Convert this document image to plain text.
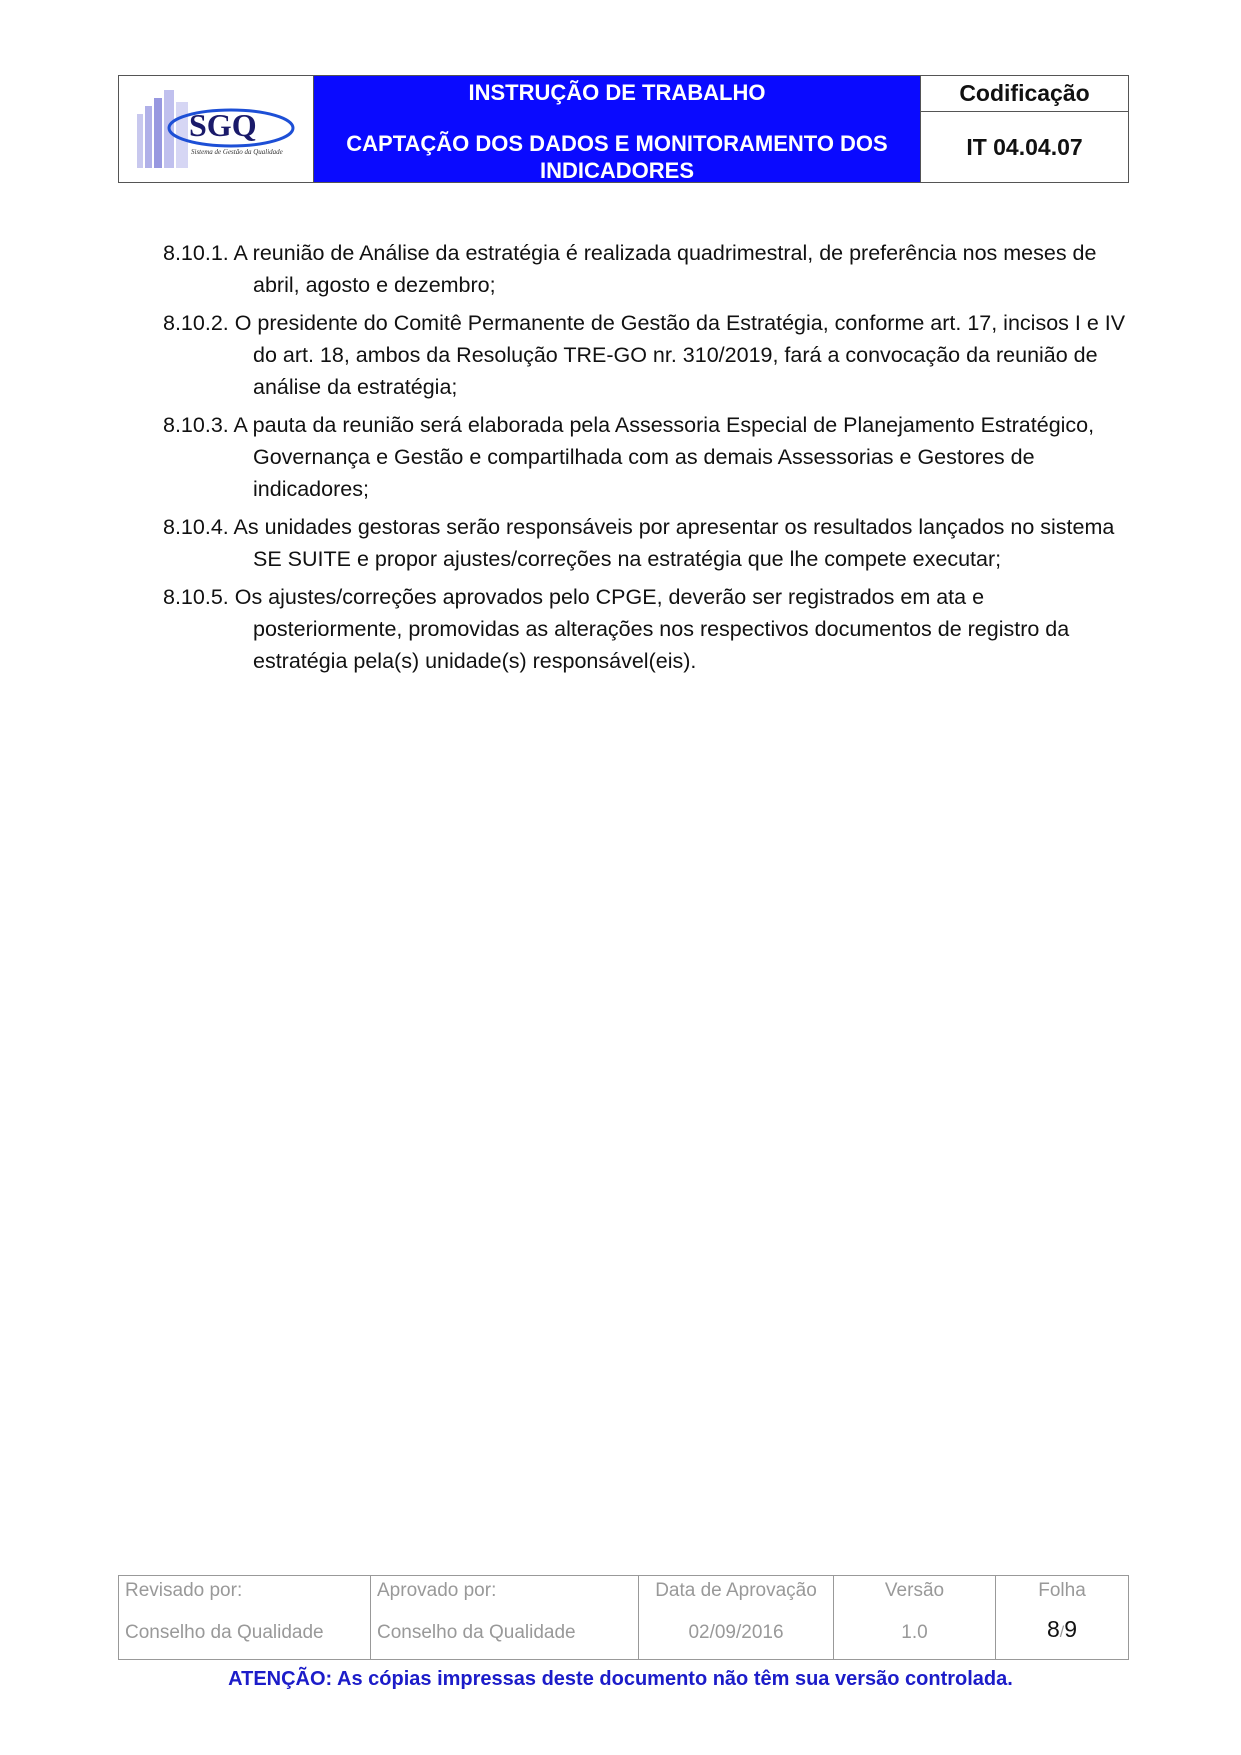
SGQ
Sistema de Gestão da Qualidade
INSTRUÇÃO DE TRABALHO
CAPTAÇÃO DOS DADOS E MONITORAMENTO DOS INDICADORES
Codificação
IT 04.04.07

8.10.1. A reunião de Análise da estratégia é realizada quadrimestral, de preferência nos meses de abril, agosto e dezembro;

8.10.2. O presidente do Comitê Permanente de Gestão da Estratégia, conforme art. 17, incisos I e IV do art. 18, ambos da Resolução TRE-GO nr. 310/2019, fará a convocação da reunião de análise da estratégia;

8.10.3. A pauta da reunião será elaborada pela Assessoria Especial de Planejamento Estratégico, Governança e Gestão e compartilhada com as demais Assessorias e Gestores de indicadores;

8.10.4. As unidades gestoras serão responsáveis por apresentar os resultados lançados no sistema SE SUITE e propor ajustes/correções na estratégia que lhe compete executar;

8.10.5. Os ajustes/correções aprovados pelo CPGE, deverão ser registrados em ata e posteriormente, promovidas as alterações nos respectivos documentos de registro da estratégia pela(s) unidade(s) responsável(eis).

Revisado por:
Conselho da Qualidade
Aprovado por:
Conselho da Qualidade
Data de Aprovação
02/09/2016
Versão
1.0
Folha
8/9
ATENÇÃO: As cópias impressas deste documento não têm sua versão controlada.
